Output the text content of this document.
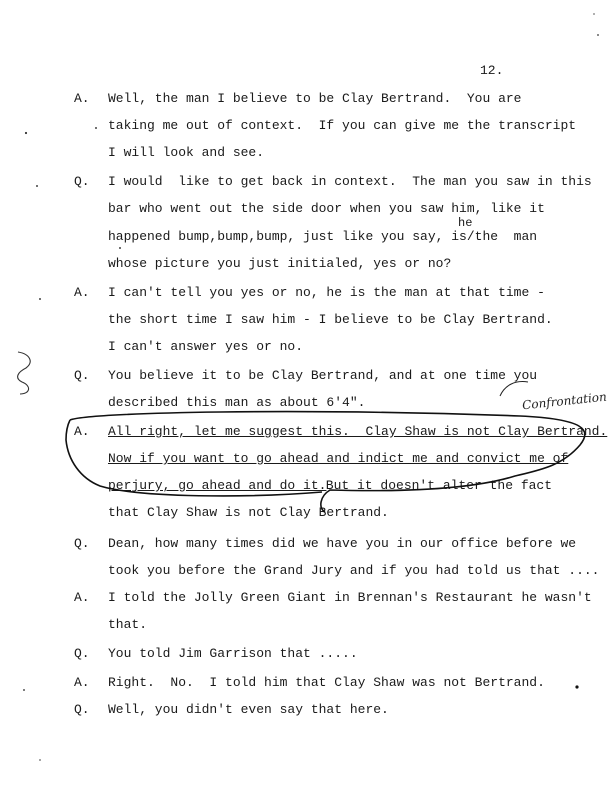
12.
A. Well, the man I believe to be Clay Bertrand.  You are
taking me out of context.  If you can give me the transcript
I will look and see.
Q. I would  like to get back in context.  The man you saw in this
bar who went out the side door when you saw him, like it
he
happened bump,bump,bump, just like you say, is/the  man
whose picture you just initialed, yes or no?
A. I can't tell you yes or no, he is the man at that time -
the short time I saw him - I believe to be Clay Bertrand.
I can't answer yes or no.
Q. You believe it to be Clay Bertrand, and at one time you
described this man as about 6'4".
A. All right, let me suggest this.  Clay Shaw is not Clay Bertrand.
Now if you want to go ahead and indict me and convict me of
perjury, go ahead and do it.
But it doesn't alter the fact
that Clay Shaw is not Clay Bertrand.
Q. Dean, how many times did we have you in our office before we
took you before the Grand Jury and if you had told us that ....
A. I told the Jolly Green Giant in Brennan's Restaurant he wasn't
that.
Q. You told Jim Garrison that .....
A. Right.  No.  I told him that Clay Shaw was not Bertrand.
Q. Well, you didn't even say that here.
Confrontation
